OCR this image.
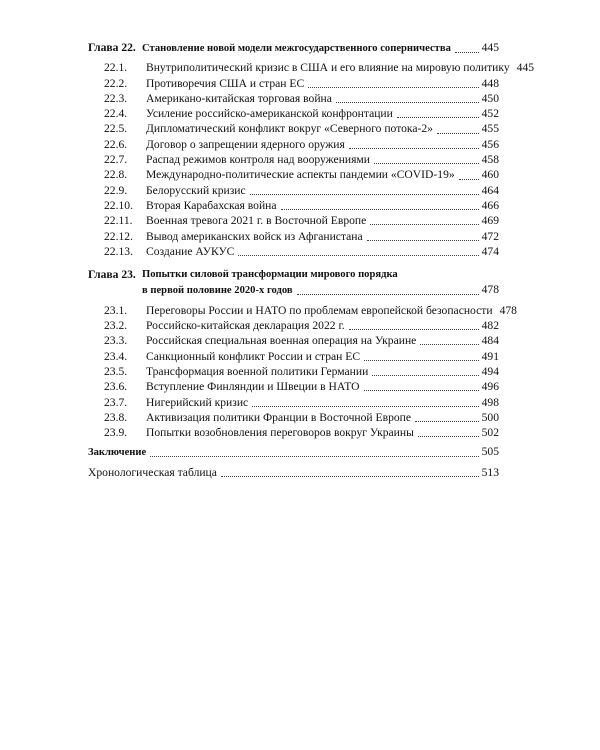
Глава 22. Становление новой модели межгосударственного соперничества	445
22.1. Внутриполитический кризис в США и его влияние на мировую политику 445
22.2. Противоречия США и стран ЕС	448
22.3. Американо-китайская торговая война	450
22.4. Усиление российско-американской конфронтации	452
22.5. Дипломатический конфликт вокруг «Северного потока-2»	455
22.6. Договор о запрещении ядерного оружия	456
22.7. Распад режимов контроля над вооружениями	458
22.8. Международно-политические аспекты пандемии «COVID-19» 460
22.9. Белорусский кризис	464
22.10. Вторая Карабахская война	466
22.11. Военная тревога 2021 г. в Восточной Европе	469
22.12. Вывод американских войск из Афганистана	472
22.13. Создание АУКУС	474
Глава 23. Попытки силовой трансформации мирового порядка
в первой половине 2020-х годов	478
23.1. Переговоры России и НАТО по проблемам европейской безопасности 478
23.2. Российско-китайская декларация 2022 г.	482
23.3. Российская специальная военная операция на Украине	484
23.4. Санкционный конфликт России и стран ЕС	491
23.5. Трансформация военной политики Германии	494
23.6. Вступление Финляндии и Швеции в НАТО	496
23.7. Нигерийский кризис	498
23.8. Активизация политики Франции в Восточной Европе	500
23.9. Попытки возобновления переговоров вокруг Украины	502
Заключение	505
Хронологическая таблица	513
